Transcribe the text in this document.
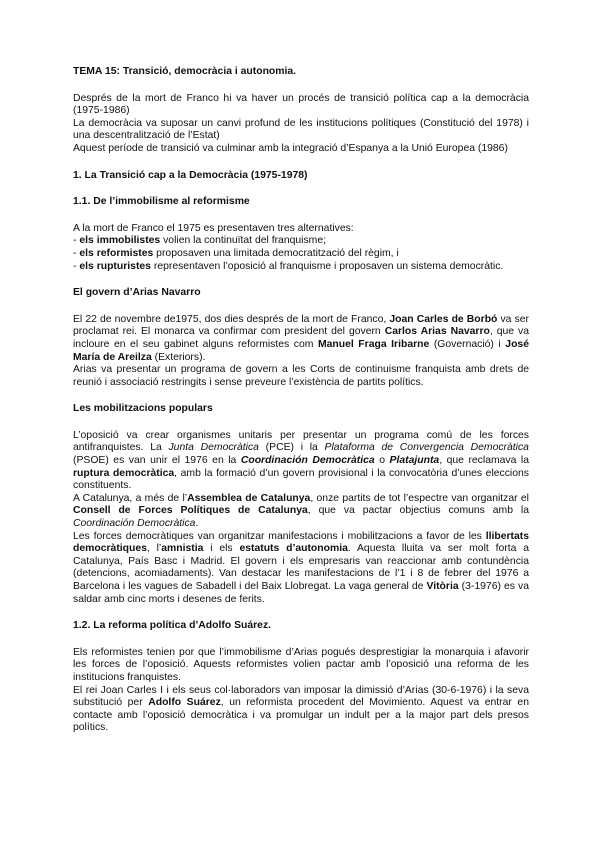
TEMA 15: Transició, democràcia i autonomia.

Després de la mort de Franco hi va haver un procés de transició política cap a la democràcia (1975-1986)

La democràcia va suposar un canvi profund de les institucions polítiques (Constitució del 1978) i una descentralització de l’Estat)

Aquest període de transició va culminar amb la integració d’Espanya a la Unió Europea (1986)

1. La Transició cap a la Democràcia (1975-1978)

1.1. De l’immobilisme al reformisme

A la mort de Franco el 1975 es presentaven tres alternatives:

- els immobilistes volien la continuïtat del franquisme;

- els reformistes proposaven una limitada democratització del règim, i

- els rupturistes representaven l’oposició al franquisme i proposaven un sistema democràtic.

El govern d’Arias Navarro

El 22 de novembre de1975, dos dies després de la mort de Franco, Joan Carles de Borbó va ser proclamat rei. El monarca va confirmar com president del govern Carlos Arias Navarro, que va incloure en el seu gabinet alguns reformistes com Manuel Fraga Iribarne (Governació) i José María de Areilza (Exteriors).

Arias va presentar un programa de govern a les Corts de continuisme franquista amb drets de reunió i associació restringits i sense preveure l’existència de partits polítics.

Les mobilitzacions populars

L’oposició va crear organismes unitaris per presentar un programa comú de les forces antifranquistes. La Junta Democràtica (PCE) i la Plataforma de Convergencia Democràtica (PSOE) es van unir el 1976 en la Coordinación Democràtica o Platajunta, que reclamava la ruptura democràtica, amb la formació d’un govern provisional i la convocatòria d’unes eleccions constituents.

A Catalunya, a més de l’Assemblea de Catalunya, onze partits de tot l’espectre van organitzar el Consell de Forces Polítiques de Catalunya, que va pactar objectius comuns amb la Coordinación Democràtica.

Les forces democràtiques van organitzar manifestacions i mobilitzacions a favor de les llibertats democràtiques, l’amnistia i els estatuts d’autonomia. Aquesta lluita va ser molt forta a Catalunya, País Basc i Madrid. El govern i els empresaris van reaccionar amb contundència (detencions, acomiadaments). Van destacar les manifestacions de l’1 i 8 de febrer del 1976 a Barcelona i les vagues de Sabadell i del Baix Llobregat. La vaga general de Vitòria (3-1976) es va saldar amb cinc morts i desenes de ferits.

1.2. La reforma política d’Adolfo Suárez.

Els reformistes tenien por que l’immobilisme d’Arias pogués desprestigiar la monarquia i afavorir les forces de l’oposició. Aquests reformistes volien pactar amb l’oposició una reforma de les institucions franquistes.

El rei Joan Carles I i els seus col·laboradors van imposar la dimissió d’Arias (30-6-1976) i la seva substitució per Adolfo Suárez, un reformista procedent del Movimiento. Aquest va entrar en contacte amb l’oposició democràtica i va promulgar un indult per a la major part dels presos polítics.
